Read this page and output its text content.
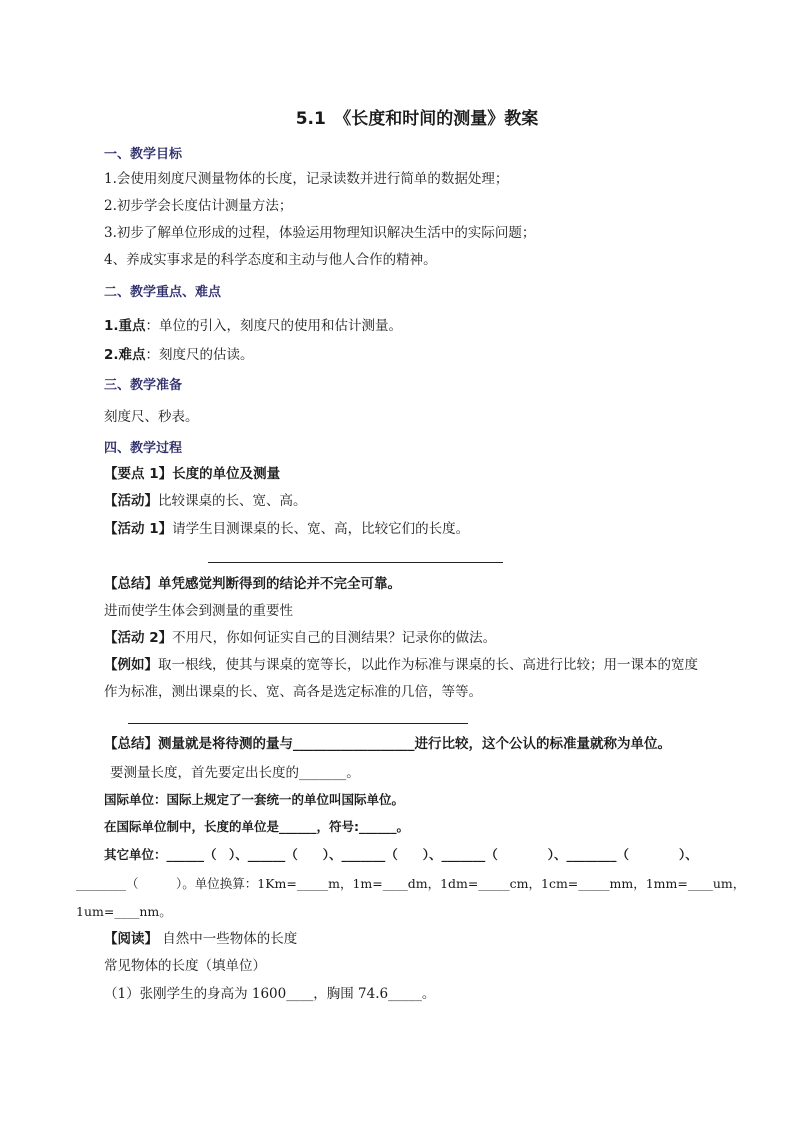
5.1　《长度和时间的测量》教案
一、教学目标
1.会使用刻度尺测量物体的长度，记录读数并进行简单的数据处理；
2.初步学会长度估计测量方法；
3.初步了解单位形成的过程，体验运用物理知识解决生活中的实际问题；
4、养成实事求是的科学态度和主动与他人合作的精神。
二、教学重点、难点
1.重点：单位的引入，刻度尺的使用和估计测量。
2.难点：刻度尺的估读。
三、教学准备
刻度尺、秒表。
四、教学过程
【要点 1】长度的单位及测量
【活动】比较课桌的长、宽、高。
【活动 1】请学生目测课桌的长、宽、高，比较它们的长度。
【总结】单凭感觉判断得到的结论并不完全可靠。
进而使学生体会到测量的重要性
【活动 2】不用尺，你如何证实自己的目测结果？记录你的做法。
【例如】取一根线，使其与课桌的宽等长，以此作为标准与课桌的长、高进行比较；用一课本的宽度
作为标准，测出课桌的长、宽、高各是选定标准的几倍，等等。
【总结】测量就是将待测的量与__________________进行比较，这个公认的标准量就称为单位。
要测量长度，首先要定出长度的_______。
国际单位：国际上规定了一套统一的单位叫国际单位。
在国际单位制中，长度的单位是______，符号:______。
其它单位：______（　）、______（　　）、_______（　　）、_______（　　　　）、________（　　　　）、
________（　　　）。单位换算：1Km=_____m，1m=____dm，1dm=_____cm，1cm=_____mm，1mm=____um，
1um=____nm。
【阅读】 自然中一些物体的长度
常见物体的长度（填单位）
（1）张刚学生的身高为 1600____，胸围 74.6_____。
